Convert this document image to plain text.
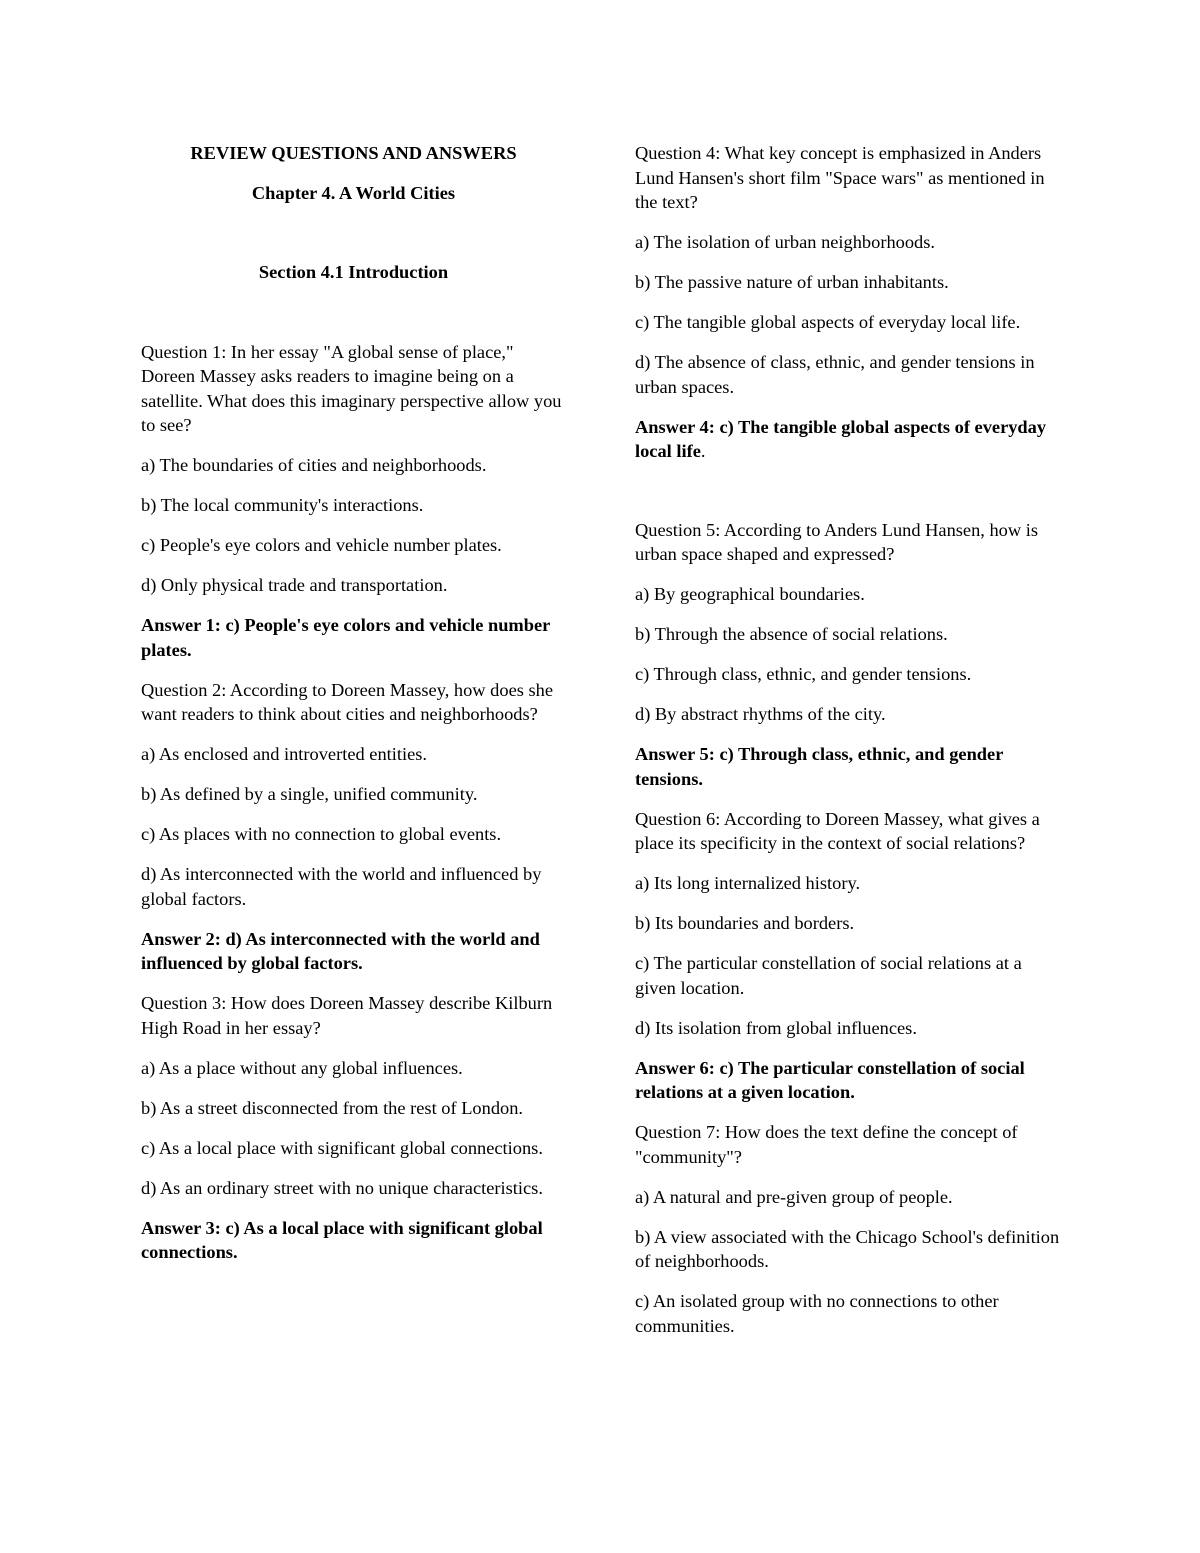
REVIEW QUESTIONS AND ANSWERS

Chapter 4. A World Cities

Section 4.1 Introduction

Question 1: In her essay "A global sense of place," Doreen Massey asks readers to imagine being on a satellite. What does this imaginary perspective allow you to see?

a) The boundaries of cities and neighborhoods.

b) The local community's interactions.

c) People's eye colors and vehicle number plates.

d) Only physical trade and transportation.

Answer 1: c) People's eye colors and vehicle number plates.

Question 2: According to Doreen Massey, how does she want readers to think about cities and neighborhoods?

a) As enclosed and introverted entities.

b) As defined by a single, unified community.

c) As places with no connection to global events.

d) As interconnected with the world and influenced by global factors.

Answer 2: d) As interconnected with the world and influenced by global factors.

Question 3: How does Doreen Massey describe Kilburn High Road in her essay?

a) As a place without any global influences.

b) As a street disconnected from the rest of London.

c) As a local place with significant global connections.

d) As an ordinary street with no unique characteristics.

Answer 3: c) As a local place with significant global connections.

Question 4: What key concept is emphasized in Anders Lund Hansen's short film "Space wars" as mentioned in the text?

a) The isolation of urban neighborhoods.

b) The passive nature of urban inhabitants.

c) The tangible global aspects of everyday local life.

d) The absence of class, ethnic, and gender tensions in urban spaces.

Answer 4: c) The tangible global aspects of everyday local life.

Question 5: According to Anders Lund Hansen, how is urban space shaped and expressed?

a) By geographical boundaries.

b) Through the absence of social relations.

c) Through class, ethnic, and gender tensions.

d) By abstract rhythms of the city.

Answer 5: c) Through class, ethnic, and gender tensions.

Question 6: According to Doreen Massey, what gives a place its specificity in the context of social relations?

a) Its long internalized history.

b) Its boundaries and borders.

c) The particular constellation of social relations at a given location.

d) Its isolation from global influences.

Answer 6: c) The particular constellation of social relations at a given location.

Question 7: How does the text define the concept of "community"?

a) A natural and pre-given group of people.

b) A view associated with the Chicago School's definition of neighborhoods.

c) An isolated group with no connections to other communities.
